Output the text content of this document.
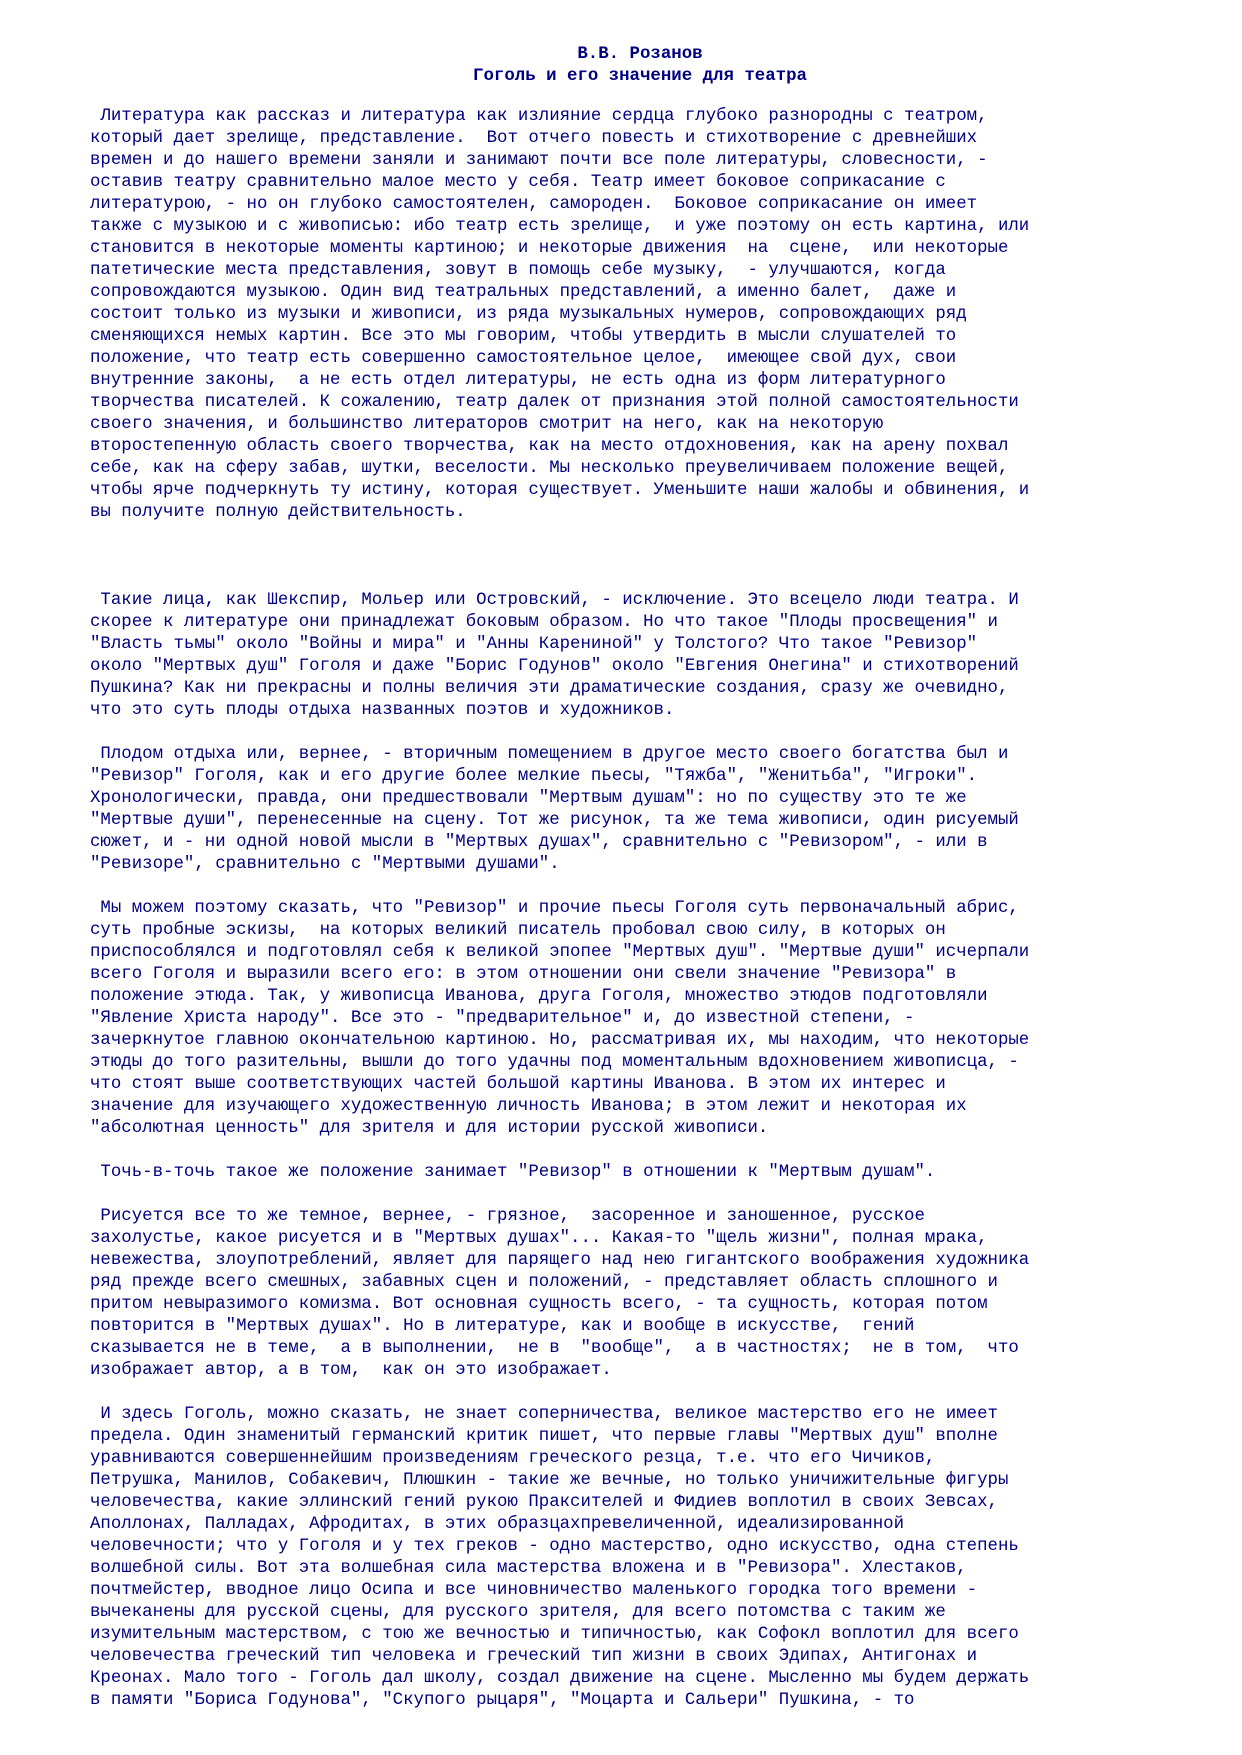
В.В. Розанов
Гоголь и его значение для театра
Литература как рассказ и литература как излияние сердца глубоко разнородны с театром,
который дает зрелище, представление.  Вот отчего повесть и стихотворение с древнейших
времен и до нашего времени заняли и занимают почти все поле литературы, словесности, -
оставив театру сравнительно малое место у себя. Театр имеет боковое соприкасание с
литературою, - но он глубоко самостоятелен, самороден.  Боковое соприкасание он имеет
также с музыкою и с живописью: ибо театр есть зрелище,  и уже поэтому он есть картина, или
становится в некоторые моменты картиною; и некоторые движения  на  сцене,  или некоторые
патетические места представления, зовут в помощь себе музыку,  - улучшаются, когда
сопровождаются музыкою. Один вид театральных представлений, а именно балет,  даже и
состоит только из музыки и живописи, из ряда музыкальных нумеров, сопровождающих ряд
сменяющихся немых картин. Все это мы говорим, чтобы утвердить в мысли слушателей то
положение, что театр есть совершенно самостоятельное целое,  имеющее свой дух, свои
внутренние законы,  а не есть отдел литературы, не есть одна из форм литературного
творчества писателей. К сожалению, театр далек от признания этой полной самостоятельности
своего значения, и большинство литераторов смотрит на него, как на некоторую
второстепенную область своего творчества, как на место отдохновения, как на арену похвал
себе, как на сферу забав, шутки, веселости. Мы несколько преувеличиваем положение вещей,
чтобы ярче подчеркнуть ту истину, которая существует. Уменьшите наши жалобы и обвинения, и
вы получите полную действительность.
Такие лица, как Шекспир, Мольер или Островский, - исключение. Это всецело люди театра. И
скорее к литературе они принадлежат боковым образом. Но что такое "Плоды просвещения" и
"Власть тьмы" около "Войны и мира" и "Анны Карениной" у Толстого? Что такое "Ревизор"
около "Мертвых душ" Гоголя и даже "Борис Годунов" около "Евгения Онегина" и стихотворений
Пушкина? Как ни прекрасны и полны величия эти драматические создания, сразу же очевидно,
что это суть плоды отдыха названных поэтов и художников.
Плодом отдыха или, вернее, - вторичным помещением в другое место своего богатства был и
"Ревизор" Гоголя, как и его другие более мелкие пьесы, "Тяжба", "Женитьба", "Игроки".
Хронологически, правда, они предшествовали "Мертвым душам": но по существу это те же
"Мертвые души", перенесенные на сцену. Тот же рисунок, та же тема живописи, один рисуемый
сюжет, и - ни одной новой мысли в "Мертвых душах", сравнительно с "Ревизором", - или в
"Ревизоре", сравнительно с "Мертвыми душами".
Мы можем поэтому сказать, что "Ревизор" и прочие пьесы Гоголя суть первоначальный абрис,
суть пробные эскизы,  на которых великий писатель пробовал свою силу, в которых он
приспособлялся и подготовлял себя к великой эпопее "Мертвых душ". "Мертвые души" исчерпали
всего Гоголя и выразили всего его: в этом отношении они свели значение "Ревизора" в
положение этюда. Так, у живописца Иванова, друга Гоголя, множество этюдов подготовляли
"Явление Христа народу". Все это - "предварительное" и, до известной степени, -
зачеркнутое главною окончательною картиною. Но, рассматривая их, мы находим, что некоторые
этюды до того разительны, вышли до того удачны под моментальным вдохновением живописца, -
что стоят выше соответствующих частей большой картины Иванова. В этом их интерес и
значение для изучающего художественную личность Иванова; в этом лежит и некоторая их
"абсолютная ценность" для зрителя и для истории русской живописи.
Точь-в-точь такое же положение занимает "Ревизор" в отношении к "Мертвым душам".
Рисуется все то же темное, вернее, - грязное,  засоренное и заношенное, русское
захолустье, какое рисуется и в "Мертвых душах"... Какая-то "щель жизни", полная мрака,
невежества, злоупотреблений, являет для парящего над нею гигантского воображения художника
ряд прежде всего смешных, забавных сцен и положений, - представляет область сплошного и
притом невыразимого комизма. Вот основная сущность всего, - та сущность, которая потом
повторится в "Мертвых душах". Но в литературе, как и вообще в искусстве,  гений
сказывается не в теме,  а в выполнении,  не в  "вообще",  а в частностях;  не в том,  что
изображает автор, а в том,  как он это изображает.
И здесь Гоголь, можно сказать, не знает соперничества, великое мастерство его не имеет
предела. Один знаменитый германский критик пишет, что первые главы "Мертвых душ" вполне
уравниваются совершеннейшим произведениям греческого резца, т.е. что его Чичиков,
Петрушка, Манилов, Собакевич, Плюшкин - такие же вечные, но только уничижительные фигуры
человечества, какие эллинский гений рукою Праксителей и Фидиев воплотил в своих Зевсах,
Аполлонах, Палладах, Афродитах, в этих образцахпревеличенной, идеализированной
человечности; что у Гоголя и у тех греков - одно мастерство, одно искусство, одна степень
волшебной силы. Вот эта волшебная сила мастерства вложена и в "Ревизора". Хлестаков,
почтмейстер, вводное лицо Осипа и все чиновничество маленького городка того времени -
вычеканены для русской сцены, для русского зрителя, для всего потомства с таким же
изумительным мастерством, с тою же вечностью и типичностью, как Софокл воплотил для всего
человечества греческий тип человека и греческий тип жизни в своих Эдипах, Антигонах и
Креонах. Мало того - Гоголь дал школу, создал движение на сцене. Мысленно мы будем держать
в памяти "Бориса Годунова", "Скупого рыцаря", "Моцарта и Сальери" Пушкина, - то
